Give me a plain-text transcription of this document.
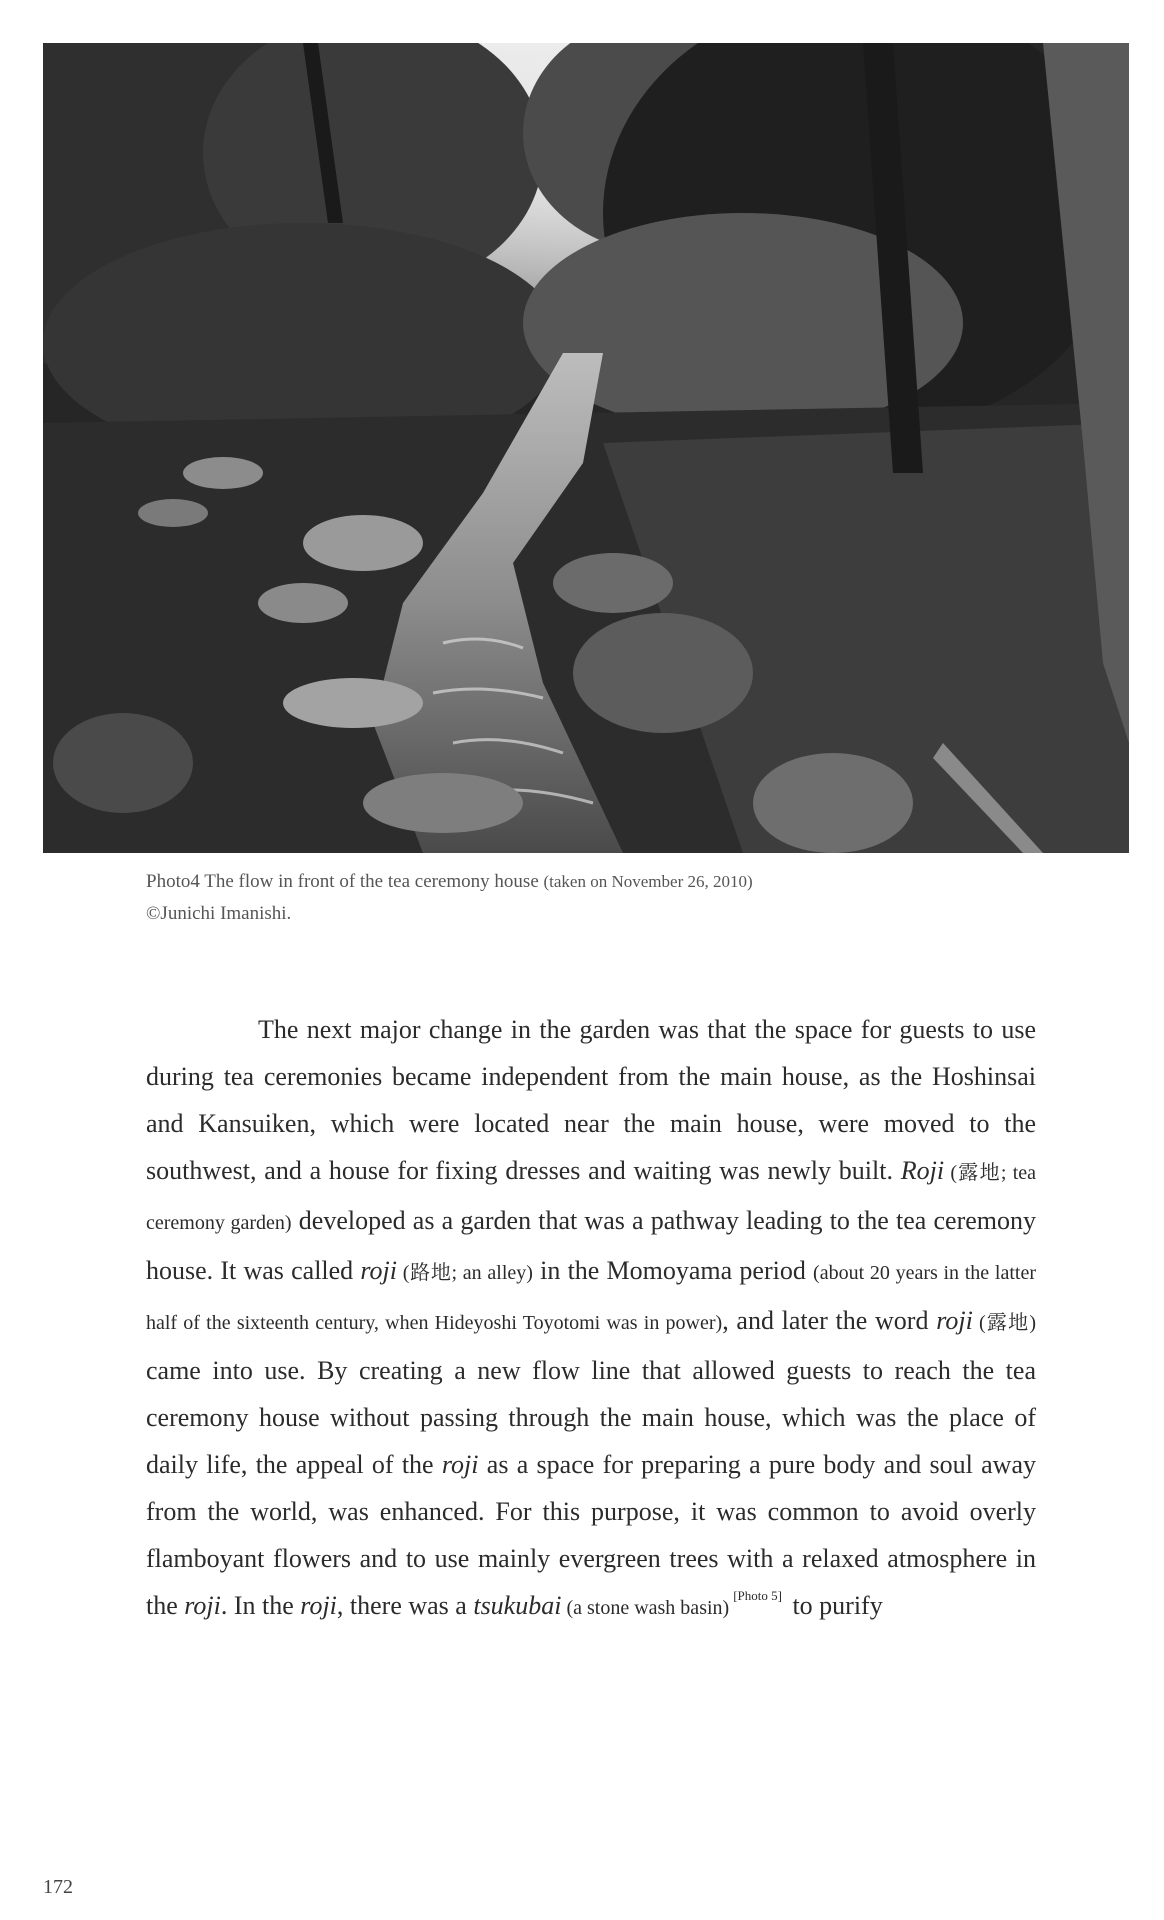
Photo4 The flow in front of the tea ceremony house (taken on November 26, 2010)
©Junichi Imanishi.

The next major change in the garden was that the space for guests to use during tea ceremonies became independent from the main house, as the Hoshinsai and Kansuiken, which were located near the main house, were moved to the southwest, and a house for fixing dresses and waiting was newly built. Roji (露地; tea ceremony garden) developed as a garden that was a pathway leading to the tea ceremony house. It was called roji (路地; an alley) in the Momoyama period (about 20 years in the latter half of the sixteenth century, when Hideyoshi Toyotomi was in power), and later the word roji (露地) came into use. By creating a new flow line that allowed guests to reach the tea ceremony house without passing through the main house, which was the place of daily life, the appeal of the roji as a space for preparing a pure body and soul away from the world, was enhanced. For this purpose, it was common to avoid overly flamboyant flowers and to use mainly evergreen trees with a relaxed atmosphere in the roji. In the roji, there was a tsukubai (a stone wash basin)[Photo 5] to purify

172
